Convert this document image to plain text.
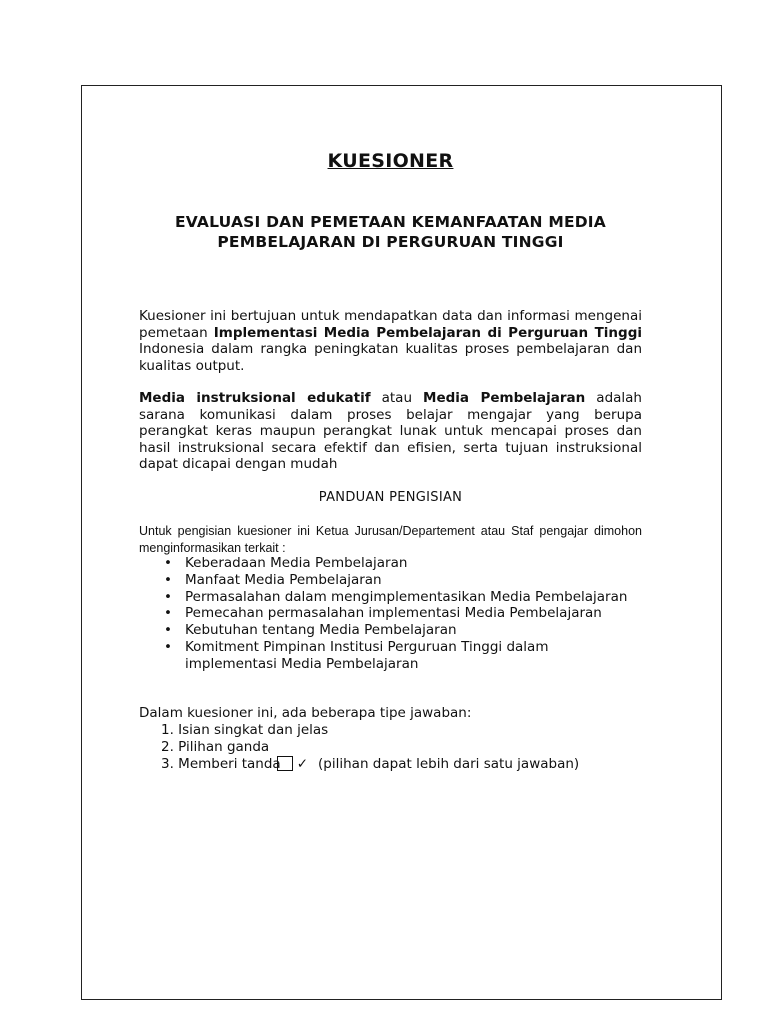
KUESIONER
EVALUASI DAN PEMETAAN KEMANFAATAN MEDIA
PEMBELAJARAN DI PERGURUAN TINGGI
Kuesioner ini bertujuan untuk mendapatkan data dan informasi mengenai pemetaan Implementasi Media Pembelajaran di Perguruan Tinggi Indonesia dalam rangka peningkatan kualitas proses pembelajaran dan kualitas output.
Media instruksional edukatif atau Media Pembelajaran adalah sarana komunikasi dalam proses belajar mengajar yang berupa perangkat keras maupun perangkat lunak untuk mencapai proses dan hasil instruksional secara efektif dan efisien, serta tujuan instruksional dapat dicapai dengan mudah
PANDUAN PENGISIAN
Untuk pengisian kuesioner ini Ketua Jurusan/Departement atau Staf pengajar dimohon menginformasikan terkait :
• Keberadaan Media Pembelajaran
• Manfaat Media Pembelajaran
• Permasalahan dalam mengimplementasikan Media Pembelajaran
• Pemecahan permasalahan implementasi Media Pembelajaran
• Kebutuhan tentang Media Pembelajaran
• Komitment Pimpinan Institusi Perguruan Tinggi dalam implementasi Media Pembelajaran
Dalam kuesioner ini, ada beberapa tipe jawaban:
1. Isian singkat dan jelas
2. Pilihan ganda
3. Memberi tanda ✓ (pilihan dapat lebih dari satu jawaban)
